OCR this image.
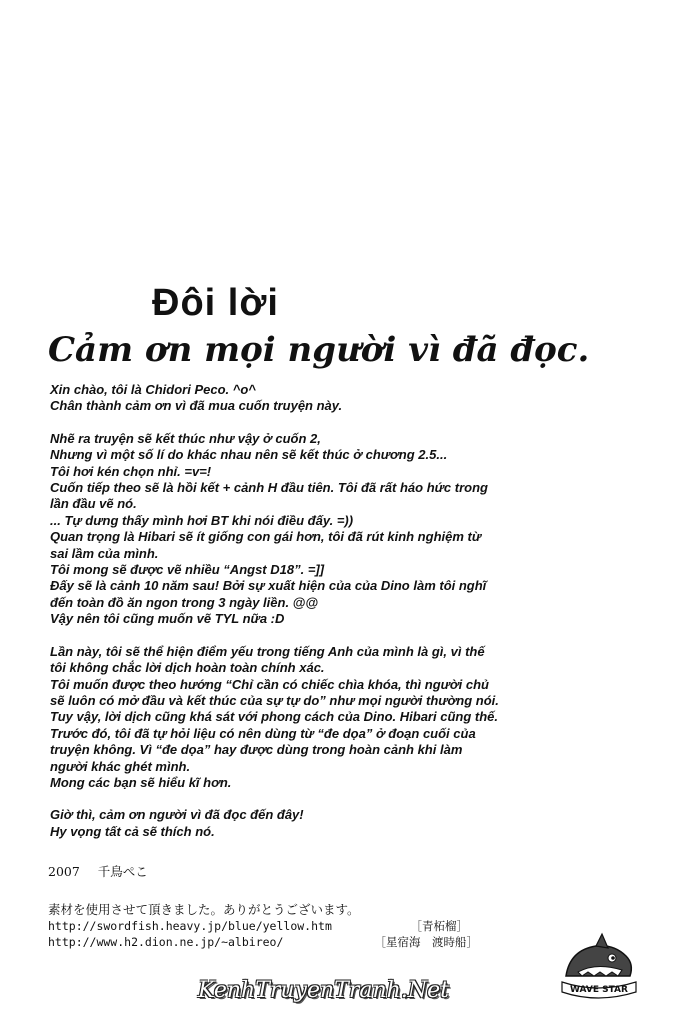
Đôi lời
Cảm ơn mọi người vì đã đọc.

Xin chào, tôi là Chidori Peco. ^o^
Chân thành cảm ơn vì đã mua cuốn truyện này.

Nhẽ ra truyện sẽ kết thúc như vậy ở cuốn 2,
Nhưng vì một số lí do khác nhau nên sẽ kết thúc ở chương 2.5...
Tôi hơi kén chọn nhỉ. =v=!
Cuốn tiếp theo sẽ là hồi kết + cảnh H đầu tiên. Tôi đã rất háo hức trong
lần đầu vẽ nó.
... Tự dưng thấy mình hơi BT khi nói điều đấy. =))
Quan trọng là Hibari sẽ ít giống con gái hơn, tôi đã rút kinh nghiệm từ
sai lầm của mình.
Tôi mong sẽ được vẽ nhiều “Angst D18”. =]]
Đấy sẽ là cảnh 10 năm sau! Bởi sự xuất hiện của của Dino làm tôi nghĩ
đến toàn đồ ăn ngon trong 3 ngày liền. @@
Vậy nên tôi cũng muốn vẽ TYL nữa :D

Lần này, tôi sẽ thể hiện điểm yếu trong tiếng Anh của mình là gì, vì thế
tôi không chắc lời dịch hoàn toàn chính xác.
Tôi muốn được theo hướng “Chỉ cần có chiếc chìa khóa, thì người chủ
sẽ luôn có mở đầu và kết thúc của sự tự do” như mọi người thường nói.
Tuy vậy, lời dịch cũng khá sát với phong cách của Dino. Hibari cũng thế.
Trước đó, tôi đã tự hỏi liệu có nên dùng từ “đe dọa” ở đoạn cuối của
truyện không. Vì “đe dọa” hay được dùng trong hoàn cảnh khi làm
người khác ghét mình.
Mong các bạn sẽ hiểu kĩ hơn.

Giờ thì, cảm ơn người vì đã đọc đến đây!
Hy vọng tất cả sẽ thích nó.

2007 千鳥ぺこ
素材を使用させて頂きました。ありがとうございます。
http://swordfish.heavy.jp/blue/yellow.htm	［青柘榴］
http://www.h2.dion.ne.jp/~albireo/	［星宿海　渡時船］
WAVE STAR
KenhTruyenTranh.Net
